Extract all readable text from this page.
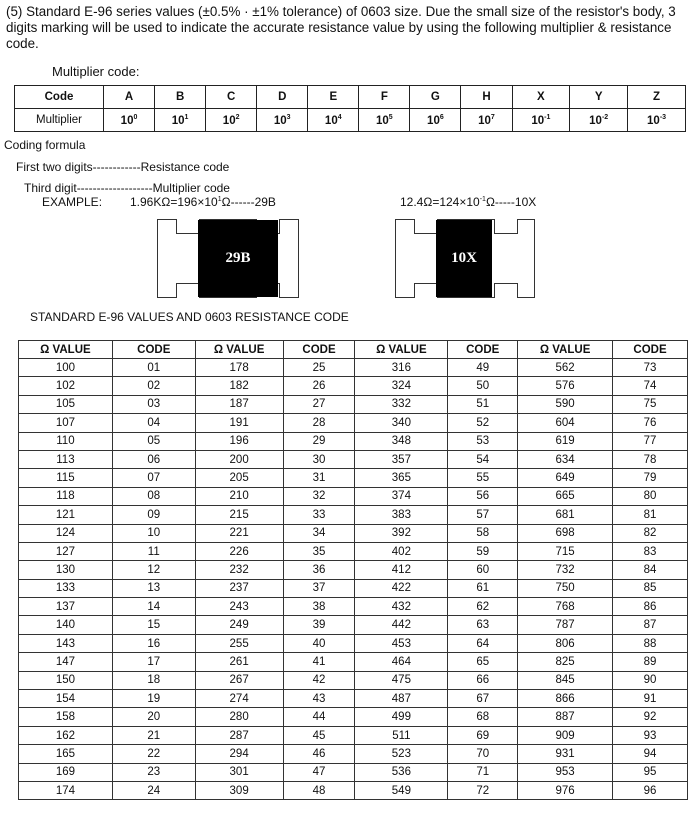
(5) Standard E-96 series values (±0.5% · ±1% tolerance) of 0603 size. Due the small size of the resistor's body, 3 digits marking will be used to indicate the accurate resistance value by using the following multiplier & resistance code.
Multiplier code:
Code	A	B	C	D	E	F	G	H	X	Y	Z
Multiplier	$10^0$	$10^1$	$10^2$	$10^3$	$10^4$	$10^5$	$10^6$	$10^7$	$10^{-1}$	$10^{-2}$	$10^{-3}$
Coding formula
First two digits------------Resistance code
Third digit-------------------Multiplier code
EXAMPLE: $1.96K\Omega=196\times 10^1\Omega------29B$	$12.4\Omega=124\times 10^{-1}\Omega-----10X$
29B	10X
STANDARD E-96 VALUES AND 0603 RESISTANCE CODE
Ω VALUE	CODE	Ω VALUE	CODE	Ω VALUE	CODE	Ω VALUE	CODE
100	01	178	25	316	49	562	73
102	02	182	26	324	50	576	74
105	03	187	27	332	51	590	75
107	04	191	28	340	52	604	76
110	05	196	29	348	53	619	77
113	06	200	30	357	54	634	78
115	07	205	31	365	55	649	79
118	08	210	32	374	56	665	80
121	09	215	33	383	57	681	81
124	10	221	34	392	58	698	82
127	11	226	35	402	59	715	83
130	12	232	36	412	60	732	84
133	13	237	37	422	61	750	85
137	14	243	38	432	62	768	86
140	15	249	39	442	63	787	87
143	16	255	40	453	64	806	88
147	17	261	41	464	65	825	89
150	18	267	42	475	66	845	90
154	19	274	43	487	67	866	91
158	20	280	44	499	68	887	92
162	21	287	45	511	69	909	93
165	22	294	46	523	70	931	94
169	23	301	47	536	71	953	95
174	24	309	48	549	72	976	96
